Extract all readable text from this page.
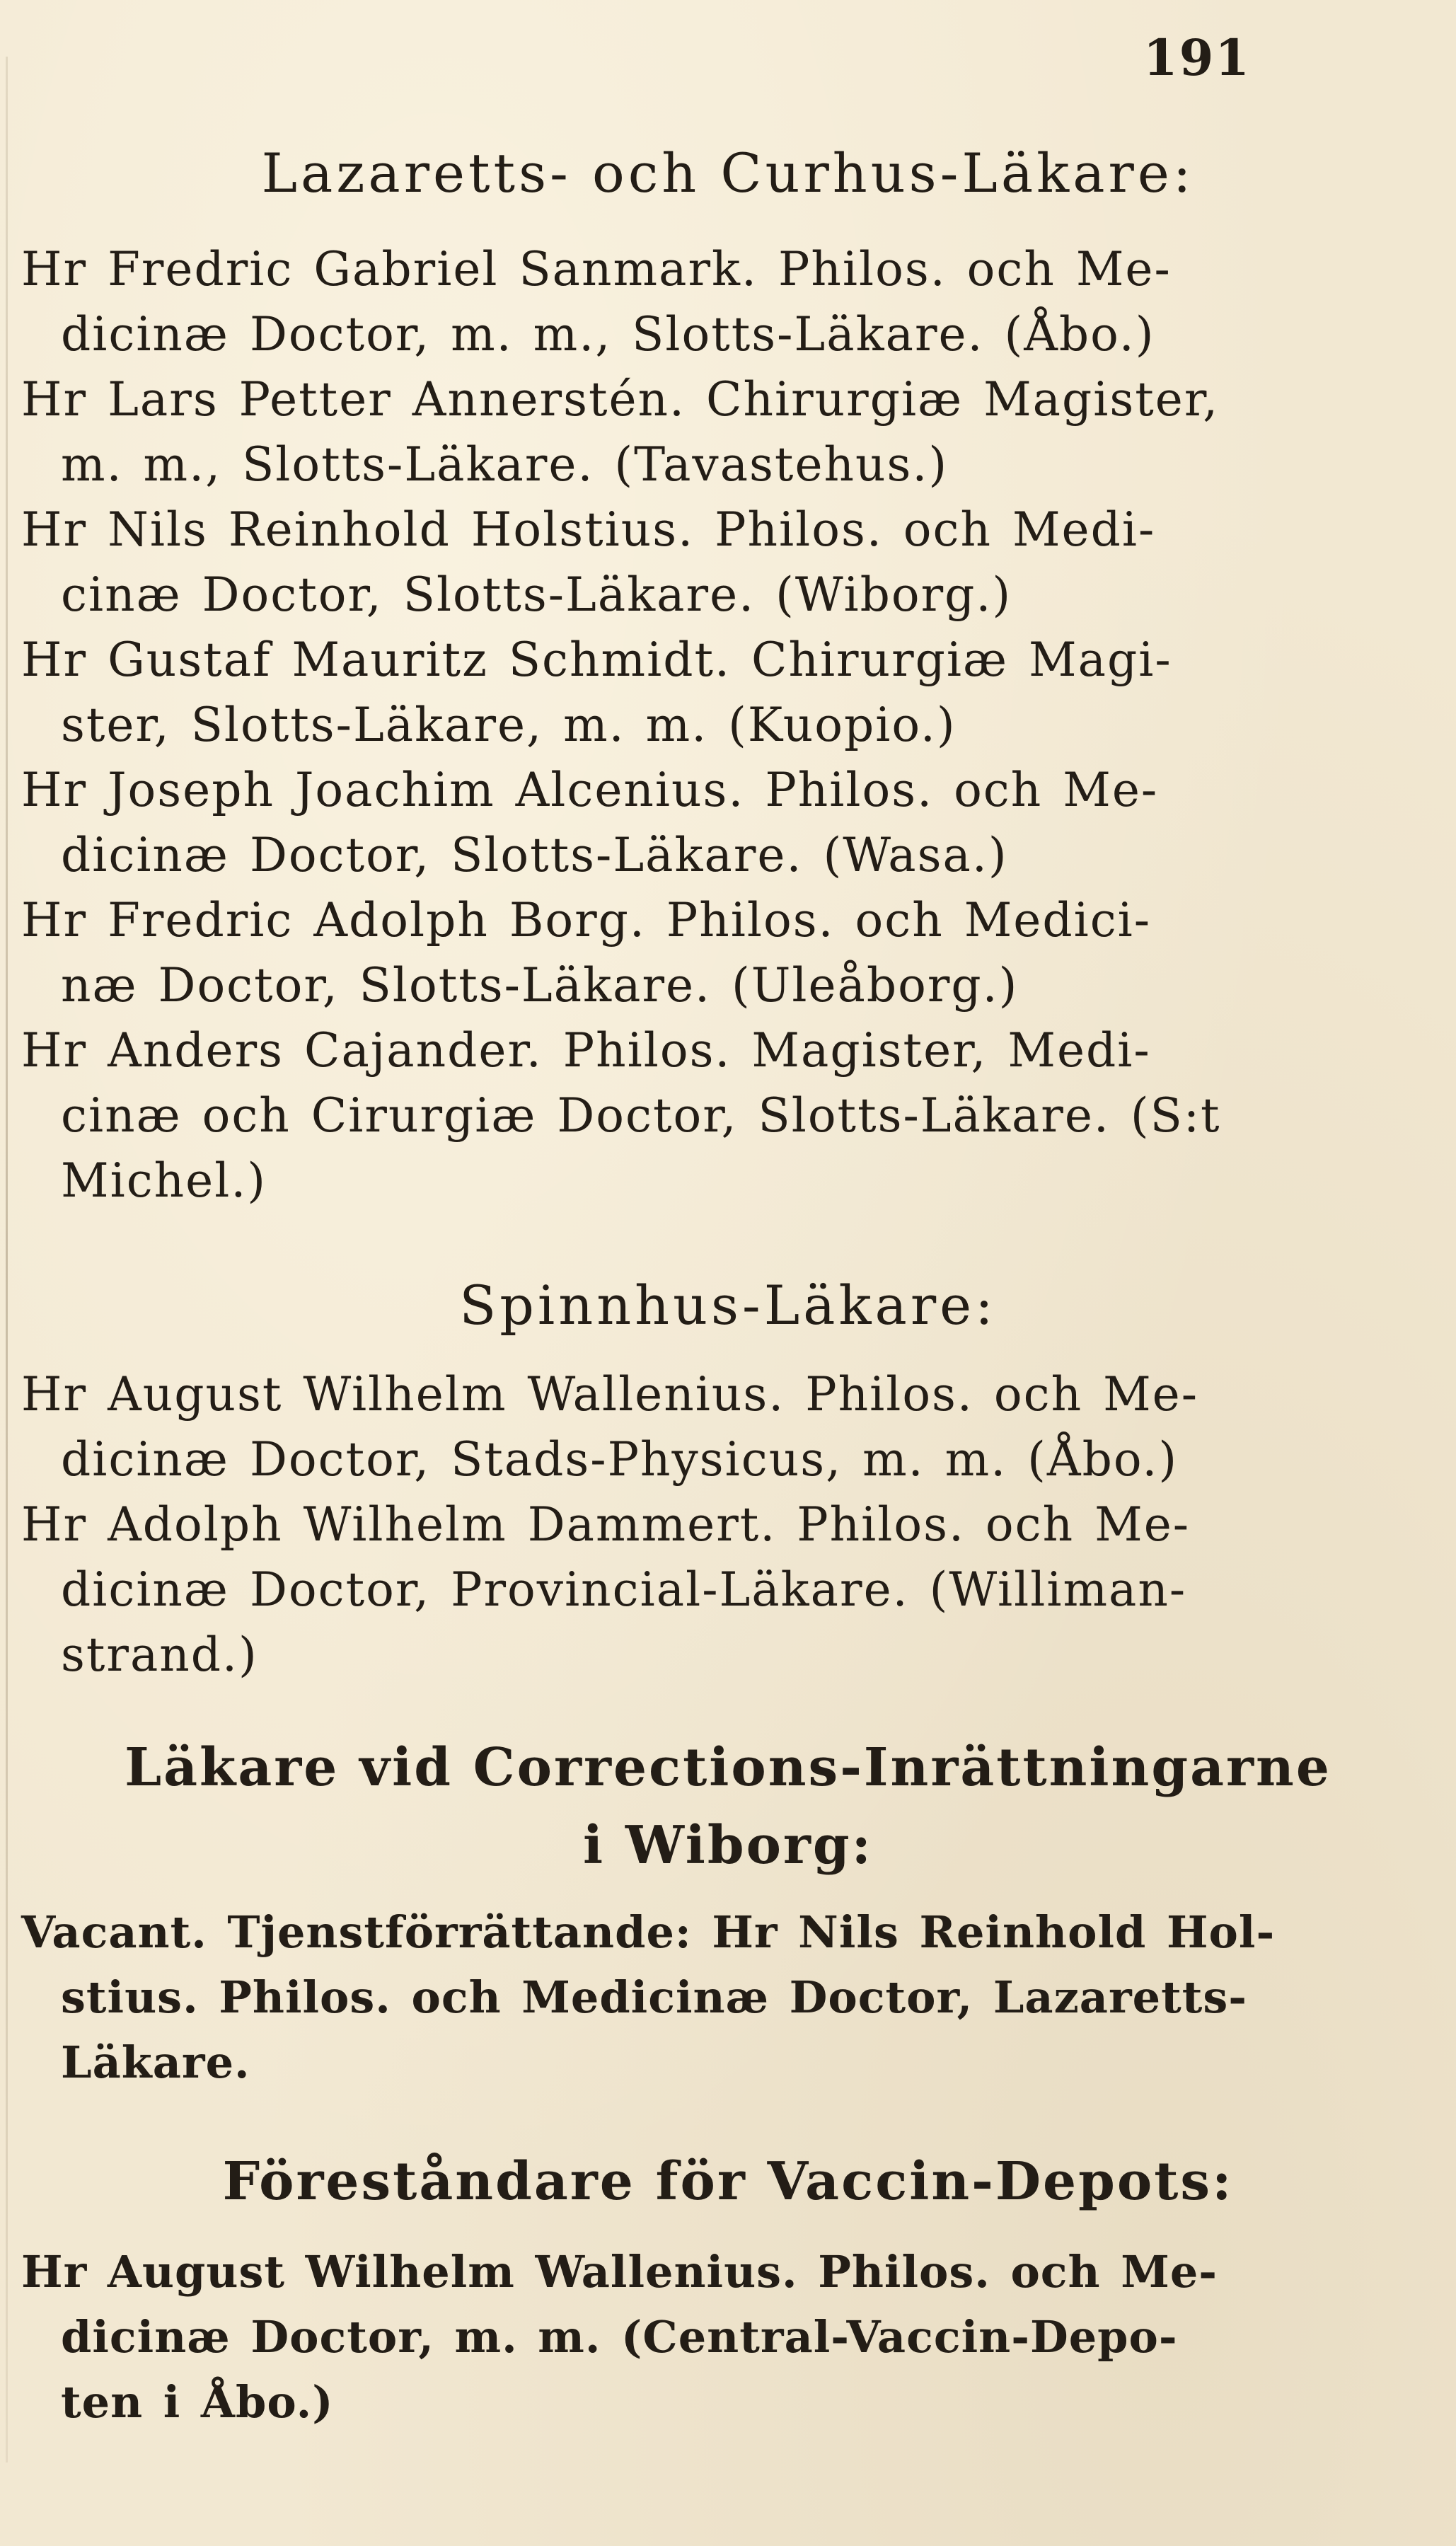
191
Lazaretts- och Curhus-Läkare:
Hr Fredric Gabriel Sanmark. Philos. och Me-
dicinæ Doctor, m. m., Slotts-Läkare. (Åbo.)
Hr Lars Petter Annerstén. Chirurgiæ Magister,
m. m., Slotts-Läkare. (Tavastehus.)
Hr Nils Reinhold Holstius. Philos. och Medi-
cinæ Doctor, Slotts-Läkare. (Wiborg.)
Hr Gustaf Mauritz Schmidt. Chirurgiæ Magi-
ster, Slotts-Läkare, m. m. (Kuopio.)
Hr Joseph Joachim Alcenius. Philos. och Me-
dicinæ Doctor, Slotts-Läkare. (Wasa.)
Hr Fredric Adolph Borg. Philos. och Medici-
næ Doctor, Slotts-Läkare. (Uleåborg.)
Hr Anders Cajander. Philos. Magister, Medi-
cinæ och Cirurgiæ Doctor, Slotts-Läkare. (S:t
Michel.)
Spinnhus-Läkare:
Hr August Wilhelm Wallenius. Philos. och Me-
dicinæ Doctor, Stads-Physicus, m. m. (Åbo.)
Hr Adolph Wilhelm Dammert. Philos. och Me-
dicinæ Doctor, Provincial-Läkare. (Williman-
strand.)
Läkare vid Corrections-Inrättningarne
i Wiborg:
Vacant. Tjenstförrättande: Hr Nils Reinhold Hol-
stius. Philos. och Medicinæ Doctor, Lazaretts-
Läkare.
Föreståndare för Vaccin-Depots:
Hr August Wilhelm Wallenius. Philos. och Me-
dicinæ Doctor, m. m. (Central-Vaccin-Depo-
ten i Åbo.)
